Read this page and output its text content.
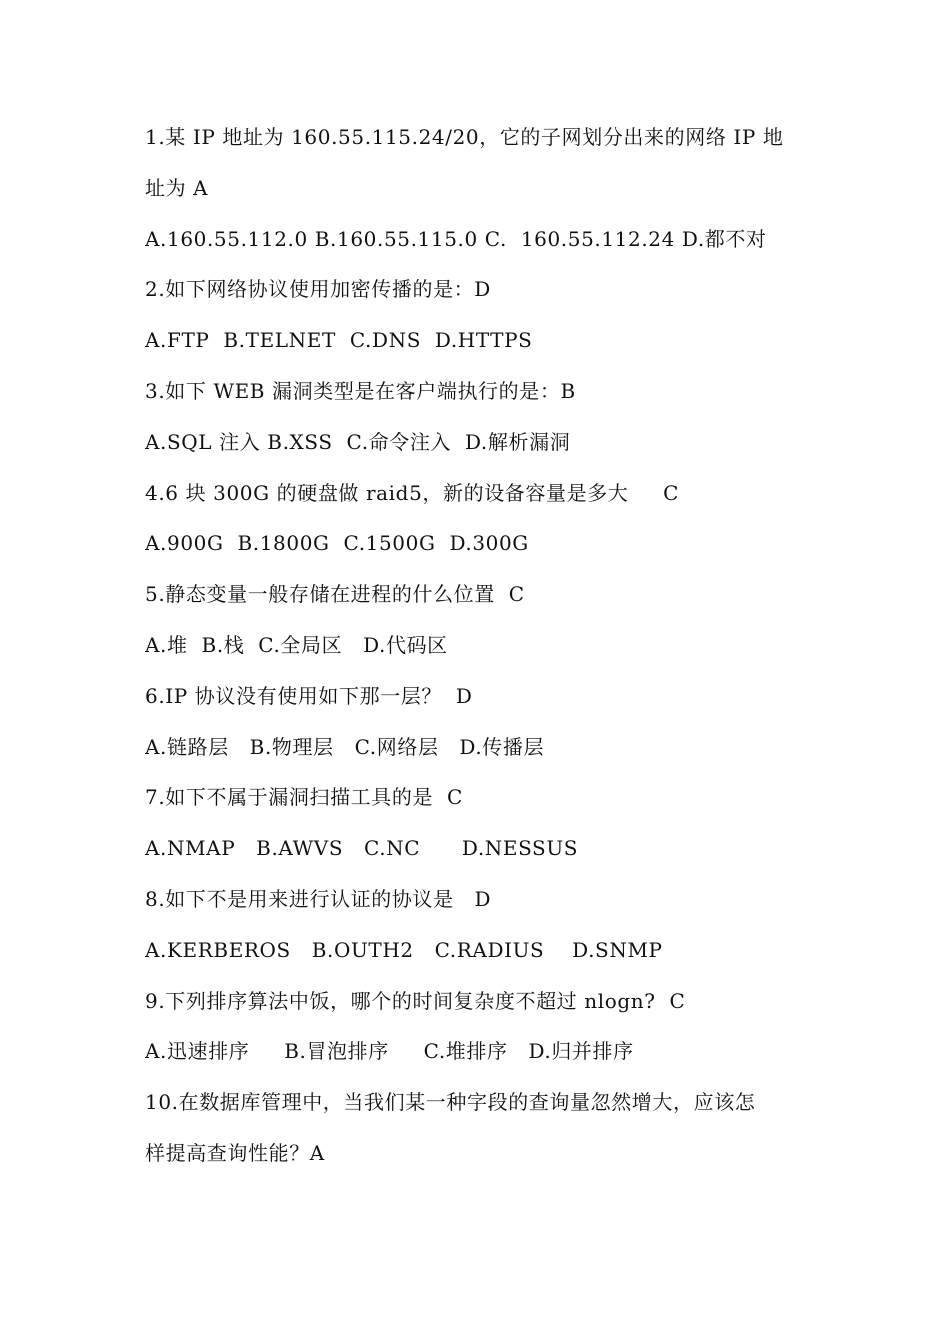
1.某 IP 地址为 160.55.115.24/20，它的子网划分出来的网络 IP 地
址为 A
A.160.55.112.0 B.160.55.115.0 C.  160.55.112.24 D.都不对
2.如下网络协议使用加密传播的是：D
A.FTP  B.TELNET  C.DNS  D.HTTPS
3.如下 WEB 漏洞类型是在客户端执行的是：B
A.SQL 注入 B.XSS  C.命令注入  D.解析漏洞
4.6 块 300G 的硬盘做 raid5，新的设备容量是多大     C
A.900G  B.1800G  C.1500G  D.300G
5.静态变量一般存储在进程的什么位置  C
A.堆  B.栈  C.全局区   D.代码区
6.IP 协议没有使用如下那一层？  D
A.链路层   B.物理层   C.网络层   D.传播层
7.如下不属于漏洞扫描工具的是  C
A.NMAP   B.AWVS   C.NC      D.NESSUS
8.如下不是用来进行认证的协议是   D
A.KERBEROS   B.OUTH2   C.RADIUS    D.SNMP
9.下列排序算法中饭，哪个的时间复杂度不超过 nlogn?  C
A.迅速排序     B.冒泡排序     C.堆排序   D.归并排序
10.在数据库管理中，当我们某一种字段的查询量忽然增大，应该怎
样提高查询性能？A
